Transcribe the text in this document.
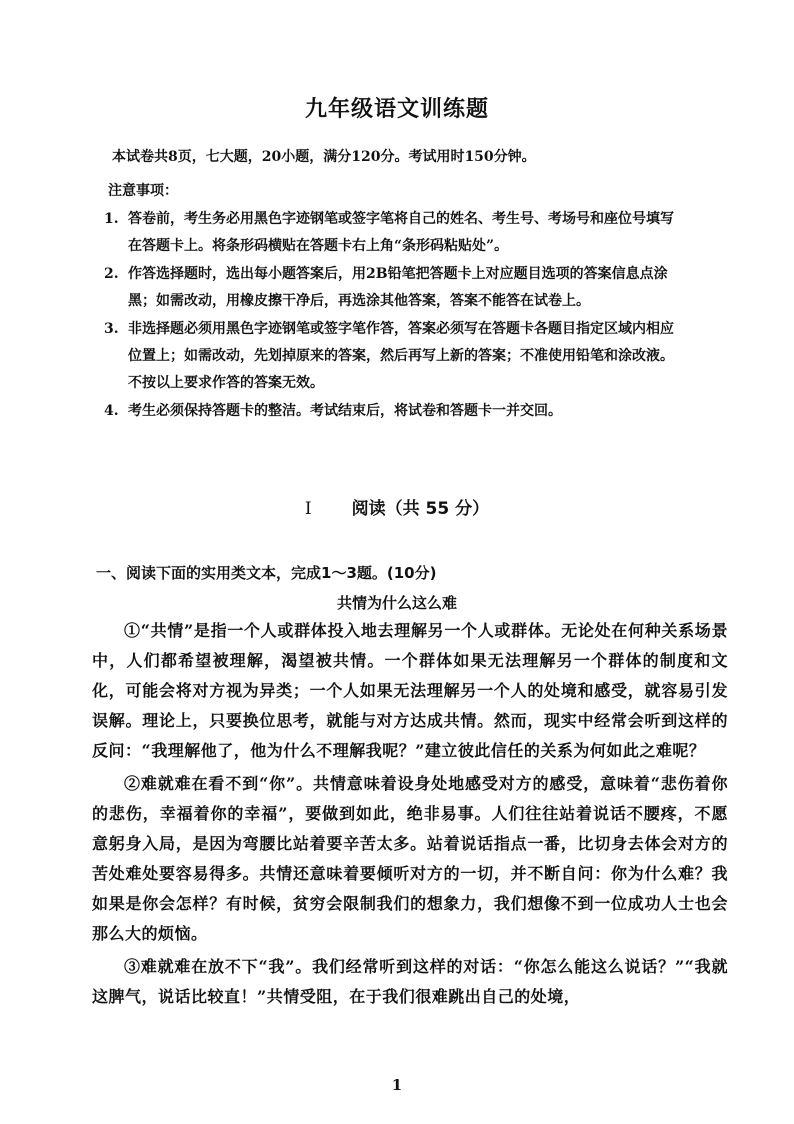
九年级语文训练题
本试卷共8页，七大题，20小题，满分120分。考试用时150分钟。
注意事项：
1. 答卷前，考生务必用黑色字迹钢笔或签字笔将自己的姓名、考生号、考场号和座位号填写在答题卡上。将条形码横贴在答题卡右上角“条形码粘贴处”。
2. 作答选择题时，选出每小题答案后，用2B铅笔把答题卡上对应题目选项的答案信息点涂黑；如需改动，用橡皮擦干净后，再选涂其他答案，答案不能答在试卷上。
3. 非选择题必须用黑色字迹钢笔或签字笔作答，答案必须写在答题卡各题目指定区域内相应位置上；如需改动，先划掉原来的答案，然后再写上新的答案；不准使用铅笔和涂改液。不按以上要求作答的答案无效。
4. 考生必须保持答题卡的整洁。考试结束后，将试卷和答题卡一并交回。
I 阅读（共 55 分）
一、阅读下面的实用类文本，完成1～3题。(10分)
共情为什么这么难

①“共情”是指一个人或群体投入地去理解另一个人或群体。无论处在何种关系场景中，人们都希望被理解，渴望被共情。一个群体如果无法理解另一个群体的制度和文化，可能会将对方视为异类；一个人如果无法理解另一个人的处境和感受，就容易引发误解。理论上，只要换位思考，就能与对方达成共情。然而，现实中经常会听到这样的反问：“我理解他了，他为什么不理解我呢？”建立彼此信任的关系为何如此之难呢？

②难就难在看不到“你”。共情意味着设身处地感受对方的感受，意味着“悲伤着你的悲伤，幸福着你的幸福”，要做到如此，绝非易事。人们往往站着说话不腰疼，不愿意躬身入局，是因为弯腰比站着要辛苦太多。站着说话指点一番，比切身去体会对方的苦处难处要容易得多。共情还意味着要倾听对方的一切，并不断自问：你为什么难？我如果是你会怎样？有时候，贫穷会限制我们的想象力，我们想像不到一位成功人士也会那么大的烦恼。

③难就难在放不下“我”。我们经常听到这样的对话：“你怎么能这么说话？”“我就这脾气，说话比较直！”共情受阻，在于我们很难跳出自己的处境，

1
